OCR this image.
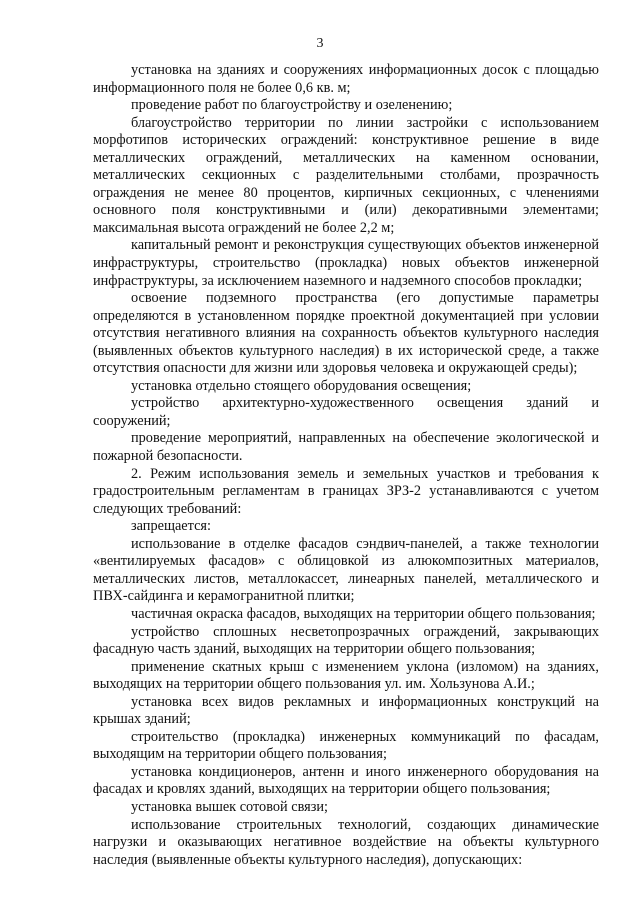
3

установка на зданиях и сооружениях информационных досок с площадью информационного поля не более 0,6 кв. м;

проведение работ по благоустройству и озеленению;

благоустройство территории по линии застройки с использованием морфотипов исторических ограждений: конструктивное решение в виде металлических ограждений, металлических на каменном основании, металлических секционных с разделительными столбами, прозрачность ограждения не менее 80 процентов, кирпичных секционных, с членениями основного поля конструктивными и (или) декоративными элементами; максимальная высота ограждений не более 2,2 м;

капитальный ремонт и реконструкция существующих объектов инженерной инфраструктуры, строительство (прокладка) новых объектов инженерной инфраструктуры, за исключением наземного и надземного способов прокладки;

освоение подземного пространства (его допустимые параметры определяются в установленном порядке проектной документацией при условии отсутствия негативного влияния на сохранность объектов культурного наследия (выявленных объектов культурного наследия) в их исторической среде, а также отсутствия опасности для жизни или здоровья человека и окружающей среды);

установка отдельно стоящего оборудования освещения;

устройство архитектурно-художественного освещения зданий и сооружений;

проведение мероприятий, направленных на обеспечение экологической и пожарной безопасности.

2. Режим использования земель и земельных участков и требования к градостроительным регламентам в границах ЗРЗ-2 устанавливаются с учетом следующих требований:

запрещается:

использование в отделке фасадов сэндвич-панелей, а также технологии «вентилируемых фасадов» с облицовкой из алюкомпозитных материалов, металлических листов, металлокассет, линеарных панелей, металлического и ПВХ-сайдинга и керамогранитной плитки;

частичная окраска фасадов, выходящих на территории общего пользования;

устройство сплошных несветопрозрачных ограждений, закрывающих фасадную часть зданий, выходящих на территории общего пользования;

применение скатных крыш с изменением уклона (изломом) на зданиях, выходящих на территории общего пользования ул. им. Хользунова А.И.;

установка всех видов рекламных и информационных конструкций на крышах зданий;

строительство (прокладка) инженерных коммуникаций по фасадам, выходящим на территории общего пользования;

установка кондиционеров, антенн и иного инженерного оборудования на фасадах и кровлях зданий, выходящих на территории общего пользования;

установка вышек сотовой связи;

использование строительных технологий, создающих динамические нагрузки и оказывающих негативное воздействие на объекты культурного наследия (выявленные объекты культурного наследия), допускающих:
